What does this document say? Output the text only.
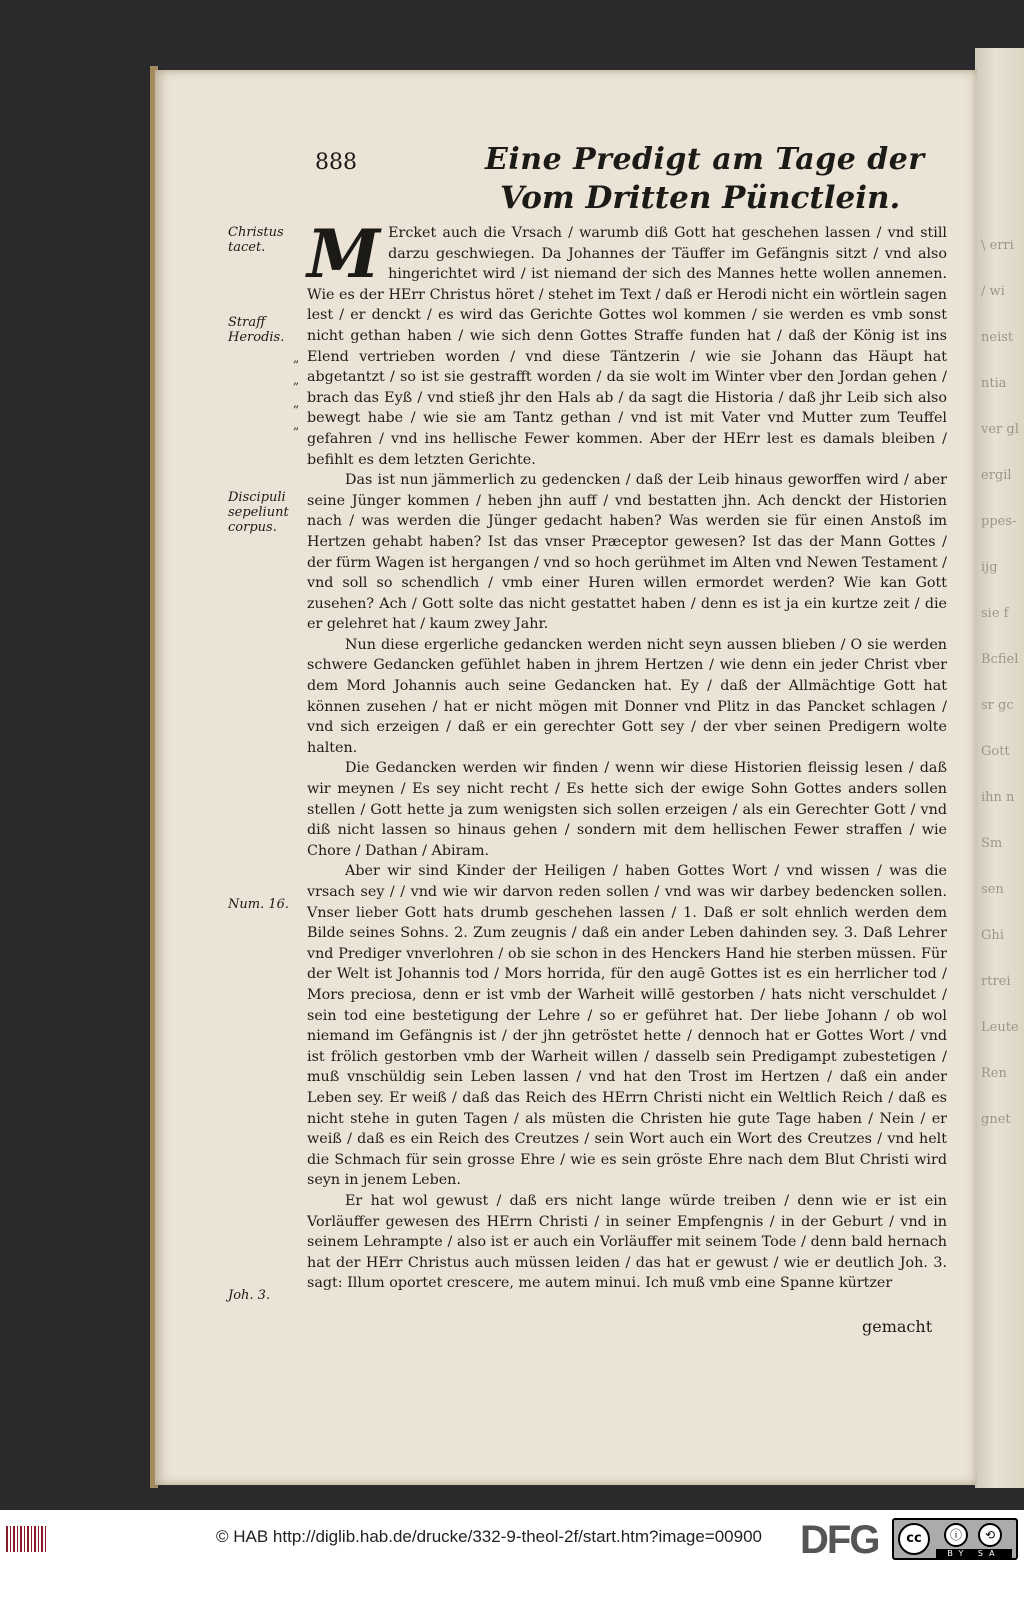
\ erri
/ wi
neist
ntia
ver gl
ergil
ppes-
ijg
sie f
Bcfiel
sr gc
Gott
ihn n
Sm
sen
Ghi
rtrei
Leute
Ren
gnet
888	Eine Predigt am Tage der
Vom Dritten Pünctlein.
Christus tacet.
Straff Herodis.
Discipuli sepeliunt corpus.
Num. 16.
Joh. 3.
„
„
„
„

M Ercket auch die Vrsach / warumb diß Gott hat geschehen lassen / vnd still darzu geschwiegen. Da Johannes der Täuffer im Gefängnis sitzt / vnd also hingerichtet wird / ist niemand der sich des Mannes hette wollen annemen. Wie es der HErr Christus höret / stehet im Text / daß er Herodi nicht ein wörtlein sagen lest / er denckt / es wird das Gerichte Gottes wol kommen / sie werden es vmb sonst nicht gethan haben / wie sich denn Gottes Straffe funden hat / daß der König ist ins Elend vertrieben worden / vnd diese Täntzerin / wie sie Johann das Häupt hat abgetantzt / so ist sie gestrafft worden / da sie wolt im Winter vber den Jordan gehen / brach das Eyß / vnd stieß jhr den Hals ab / da sagt die Historia / daß jhr Leib sich also bewegt habe / wie sie am Tantz gethan / vnd ist mit Vater vnd Mutter zum Teuffel gefahren / vnd ins hellische Fewer kommen. Aber der HErr lest es damals bleiben / befihlt es dem letzten Gerichte.

Das ist nun jämmerlich zu gedencken / daß der Leib hinaus geworffen wird / aber seine Jünger kommen / heben jhn auff / vnd bestatten jhn. Ach denckt der Historien nach / was werden die Jünger gedacht haben? Was werden sie für einen Anstoß im Hertzen gehabt haben? Ist das vnser Præceptor gewesen? Ist das der Mann Gottes / der fürm Wagen ist hergangen / vnd so hoch gerühmet im Alten vnd Newen Testament / vnd soll so schendlich / vmb einer Huren willen ermordet werden? Wie kan Gott zusehen? Ach / Gott solte das nicht gestattet haben / denn es ist ja ein kurtze zeit / die er gelehret hat / kaum zwey Jahr.

Nun diese ergerliche gedancken werden nicht seyn aussen blieben / O sie werden schwere Gedancken gefühlet haben in jhrem Hertzen / wie denn ein jeder Christ vber dem Mord Johannis auch seine Gedancken hat. Ey / daß der Allmächtige Gott hat können zusehen / hat er nicht mögen mit Donner vnd Plitz in das Pancket schlagen / vnd sich erzeigen / daß er ein gerechter Gott sey / der vber seinen Predigern wolte halten.

Die Gedancken werden wir finden / wenn wir diese Historien fleissig lesen / daß wir meynen / Es sey nicht recht / Es hette sich der ewige Sohn Gottes anders sollen stellen / Gott hette ja zum wenigsten sich sollen erzeigen / als ein Gerechter Gott / vnd diß nicht lassen so hinaus gehen / sondern mit dem hellischen Fewer straffen / wie Chore / Dathan / Abiram.

Aber wir sind Kinder der Heiligen / haben Gottes Wort / vnd wissen / was die vrsach sey / / vnd wie wir darvon reden sollen / vnd was wir darbey bedencken sollen. Vnser lieber Gott hats drumb geschehen lassen / 1. Daß er solt ehnlich werden dem Bilde seines Sohns. 2. Zum zeugnis / daß ein ander Leben dahinden sey. 3. Daß Lehrer vnd Prediger vnverlohren / ob sie schon in des Henckers Hand hie sterben müssen. Für der Welt ist Johannis tod / Mors horrida, für den augē Gottes ist es ein herrlicher tod / Mors preciosa, denn er ist vmb der Warheit willē gestorben / hats nicht verschuldet / sein tod eine bestetigung der Lehre / so er geführet hat. Der liebe Johann / ob wol niemand im Gefängnis ist / der jhn getröstet hette / dennoch hat er Gottes Wort / vnd ist frölich gestorben vmb der Warheit willen / dasselb sein Predigampt zubestetigen / muß vnschüldig sein Leben lassen / vnd hat den Trost im Hertzen / daß ein ander Leben sey. Er weiß / daß das Reich des HErrn Christi nicht ein Weltlich Reich / daß es nicht stehe in guten Tagen / als müsten die Christen hie gute Tage haben / Nein / er weiß / daß es ein Reich des Creutzes / sein Wort auch ein Wort des Creutzes / vnd helt die Schmach für sein grosse Ehre / wie es sein gröste Ehre nach dem Blut Christi wird seyn in jenem Leben.

Er hat wol gewust / daß ers nicht lange würde treiben / denn wie er ist ein Vorläuffer gewesen des HErrn Christi / in seiner Empfengnis / in der Geburt / vnd in seinem Lehrampte / also ist er auch ein Vorläuffer mit seinem Tode / denn bald hernach hat der HErr Christus auch müssen leiden / das hat er gewust / wie er deutlich Joh. 3. sagt: Illum oportet crescere, me autem minui. Ich muß vmb eine Spanne kürtzer

gemacht
© HAB http://diglib.hab.de/drucke/332-9-theol-2f/start.htm?image=00900 DFG	cc	ⓘ	⟲
BY SA
